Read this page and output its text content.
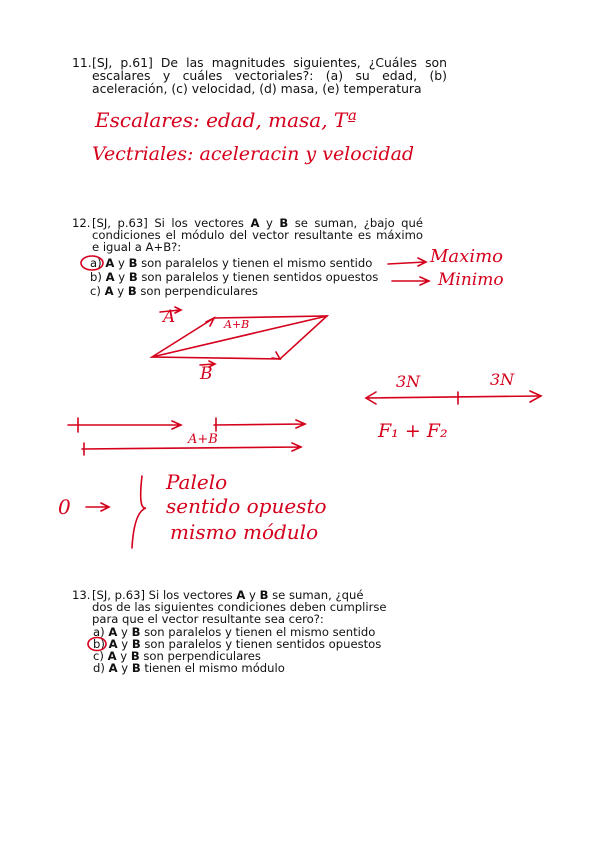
11. [SJ, p.61] De las magnitudes siguientes, ¿Cuáles son escalares y cuáles vectoriales?: (a) su edad, (b) aceleración, (c) velocidad, (d) masa, (e) temperatura
Escalares: edad, masa, Tª
Vectriales: aceleracin y velocidad
12. [SJ, p.63] Si los vectores A y B se suman, ¿bajo qué condiciones el módulo del vector resultante es máximo e igual a A+B?:
a) A y B son paralelos y tienen el mismo sentido
b) A y B son paralelos y tienen sentidos opuestos
c) A y B son perpendiculares
Maximo
Minimo
A	A+B
B	3N	3N
F₁ + F₂
A+B
0
Palelo
sentido opuesto
mismo módulo
13. [SJ, p.63] Si los vectores A y B se suman, ¿qué dos de las siguientes condiciones deben cumplirse para que el vector resultante sea cero?:
a) A y B son paralelos y tienen el mismo sentido
b) A y B son paralelos y tienen sentidos opuestos
c) A y B son perpendiculares
d) A y B tienen el mismo módulo
